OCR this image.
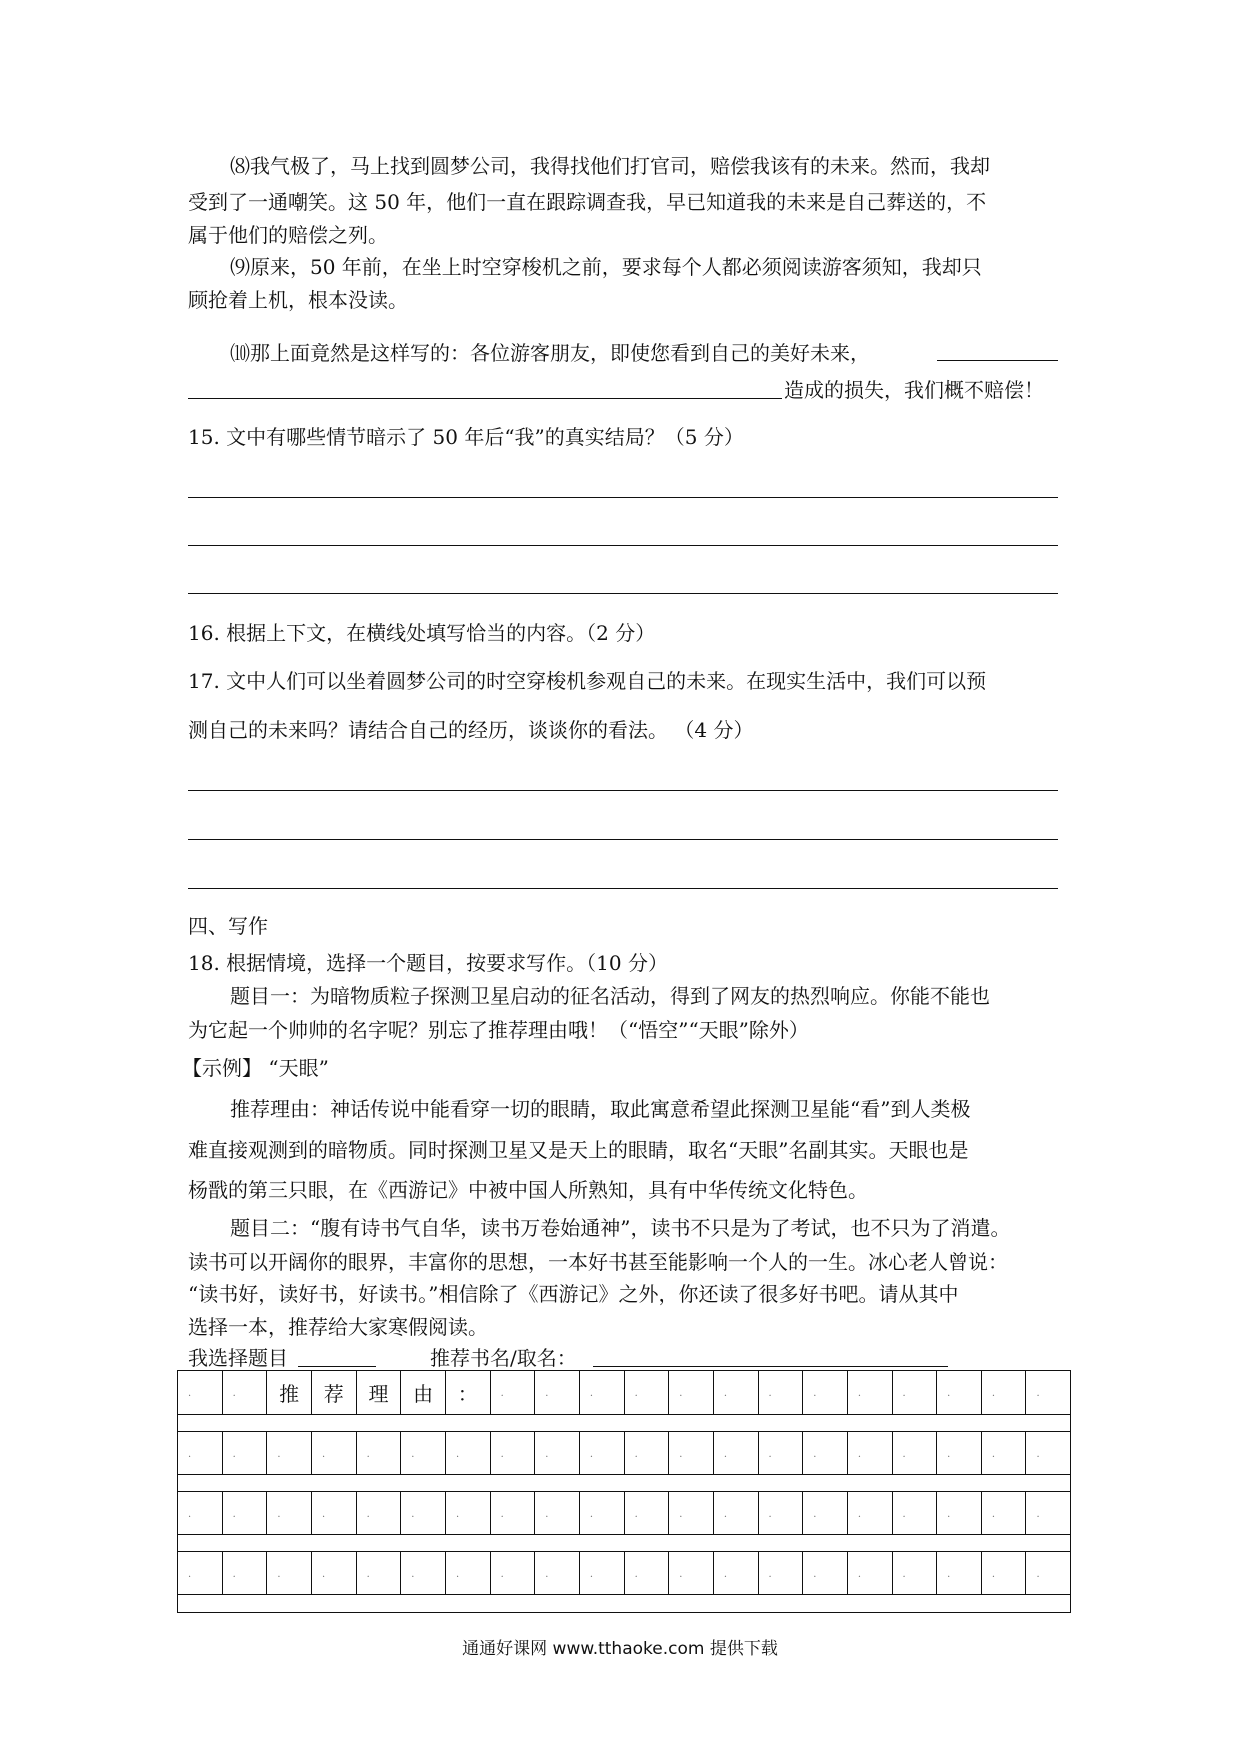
⑻我气极了，马上找到圆梦公司，我得找他们打官司，赔偿我该有的未来。然而，我却
受到了一通嘲笑。这 50 年，他们一直在跟踪调查我，早已知道我的未来是自己葬送的，不
属于他们的赔偿之列。
⑼原来，50 年前，在坐上时空穿梭机之前，要求每个人都必须阅读游客须知，我却只
顾抢着上机，根本没读。
⑽那上面竟然是这样写的：各位游客朋友，即使您看到自己的美好未来，
造成的损失，我们概不赔偿！
15. 文中有哪些情节暗示了 50 年后“我”的真实结局？（5 分）
16. 根据上下文，在横线处填写恰当的内容。（2 分）
17. 文中人们可以坐着圆梦公司的时空穿梭机参观自己的未来。在现实生活中，我们可以预
测自己的未来吗？请结合自己的经历，谈谈你的看法。 （4 分）
四、写作
18. 根据情境，选择一个题目，按要求写作。（10 分）
题目一：为暗物质粒子探测卫星启动的征名活动，得到了网友的热烈响应。你能不能也
为它起一个帅帅的名字呢？别忘了推荐理由哦！（“悟空”“天眼”除外）
【示例】 “天眼”
推荐理由：神话传说中能看穿一切的眼睛，取此寓意希望此探测卫星能“看”到人类极
难直接观测到的暗物质。同时探测卫星又是天上的眼睛，取名“天眼”名副其实。天眼也是
杨戬的第三只眼，在《西游记》中被中国人所熟知，具有中华传统文化特色。
题目二：“腹有诗书气自华，读书万卷始通神”，读书不只是为了考试，也不只为了消遣。
读书可以开阔你的眼界，丰富你的思想，一本好书甚至能影响一个人的一生。冰心老人曾说：
“读书好，读好书，好读书。”相信除了《西游记》之外，你还读了很多好书吧。请从其中
选择一本，推荐给大家寒假阅读。
我选择题目	推荐书名/取名：
·	· 推 荐 理 由 ： ·	·	·	·	·	·	·	·	·	·	·	·	·
·	·	·	·	·	·	·	·	·	·	·	·	·	·	·	·	·	·	·	·
·	·	·	·	·	·	·	·	·	·	·	·	·	·	·	·	·	·	·	·
·	·	·	·	·	·	·	·	·	·	·	·	·	·	·	·	·	·	·	·
通通好课网 www.tthaoke.com 提供下载
